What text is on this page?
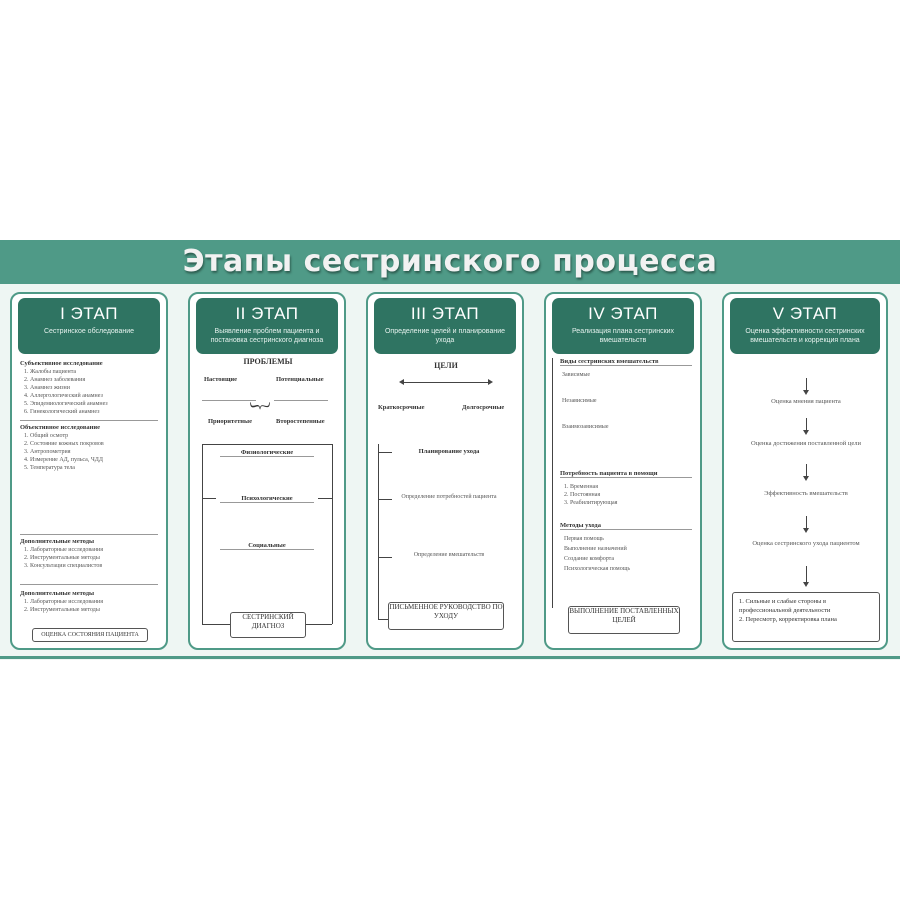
Этапы сестринского процесса
I ЭТАП
Сестринское обследование
Субъективное исследование
1. Жалобы пациента
2. Анамнез заболевания
3. Анамнез жизни
4. Аллергологический анамнез
5. Эпидемиологический анамнез
6. Гинекологический анамнез
Объективное исследование
1. Общий осмотр
2. Состояние кожных покровов
3. Антропометрия
4. Измерение АД, пульса, ЧДД
5. Температура тела
Дополнительные методы
1. Лабораторные исследования
2. Инструментальные методы
3. Консультации специалистов
Дополнительные методы
1. Лабораторные исследования
2. Инструментальные методы
ОЦЕНКА СОСТОЯНИЯ ПАЦИЕНТА
II ЭТАП
Выявление проблем пациента и постановка сестринского диагноза
ПРОБЛЕМЫ
Настоящие	Потенциальные
︸
Приоритетные	Второстепенные
Физиологические
Психологические
Социальные
СЕСТРИНСКИЙ ДИАГНОЗ
III ЭТАП
Определение целей и планирование ухода
ЦЕЛИ
Краткосрочные	Долгосрочные
Планирование ухода
Определение потребностей пациента
Определение вмешательств
ПИСЬМЕННОЕ РУКОВОДСТВО ПО УХОДУ
IV ЭТАП
Реализация плана сестринских вмешательств
Виды сестринских вмешательств
Зависимые
Независимые
Взаимозависимые
Потребность пациента в помощи
1. Временная
2. Постоянная
3. Реабилитирующая
Методы ухода
Первая помощь
Выполнение назначений
Создание комфорта
Психологическая помощь
ВЫПОЛНЕНИЕ ПОСТАВЛЕННЫХ ЦЕЛЕЙ
V ЭТАП
Оценка эффективности сестринских вмешательств и коррекция плана
Оценка мнения пациента
Оценка достижения поставленной цели
Эффективность вмешательств
Оценка сестринского ухода пациентом
1. Сильные и слабые стороны в профессиональной деятельности
2. Пересмотр, корректировка плана
